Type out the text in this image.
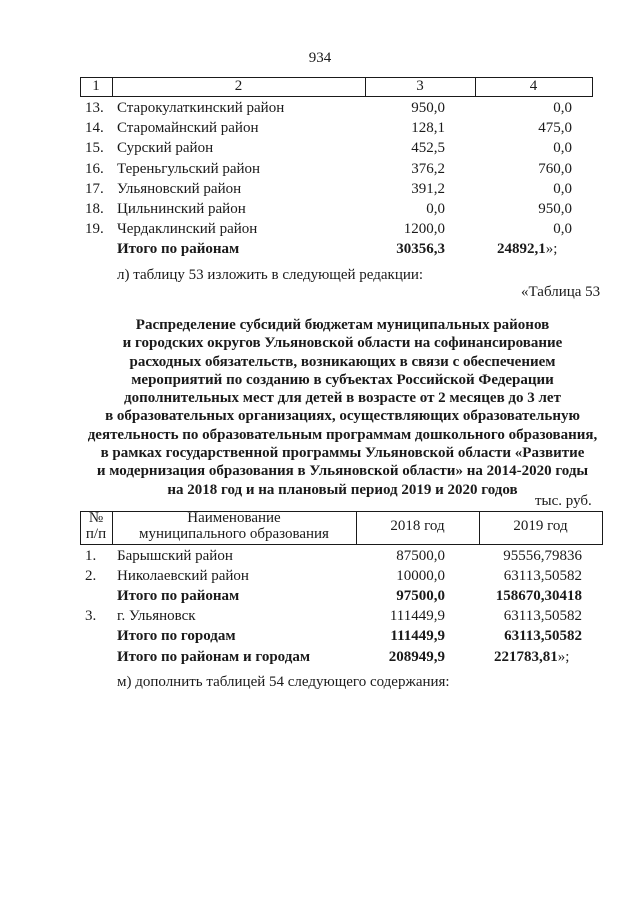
934
1	2	3	4
13. Старокулаткинский район	950,0	0,0
14. Старомайнский район	128,1	475,0
15. Сурский район	452,5	0,0
16. Тереньгульский район	376,2	760,0
17. Ульяновский район	391,2	0,0
18. Цильнинский район	0,0	950,0
19. Чердаклинский район	1200,0	0,0
Итого по районам	30356,3	24892,1»;
л) таблицу 53 изложить в следующей редакции:
«Таблица 53
Распределение субсидий бюджетам муниципальных районов
и городских округов Ульяновской области на софинансирование
расходных обязательств, возникающих в связи с обеспечением
мероприятий по созданию в субъектах Российской Федерации
дополнительных мест для детей в возрасте от 2 месяцев до 3 лет
в образовательных организациях, осуществляющих образовательную
деятельность по образовательным программам дошкольного образования,
в рамках государственной программы Ульяновской области «Развитие
и модернизация образования в Ульяновской области» на 2014-2020 годы
на 2018 год и на плановый период 2019 и 2020 годов
тыс. руб.
№
п/п
Наименование
муниципального образования	2018 год	2019 год
1.	Барышский район	87500,0	95556,79836
2.	Николаевский район	10000,0	63113,50582
Итого по районам	97500,0	158670,30418
3.	г. Ульяновск	111449,9	63113,50582
Итого по городам	111449,9	63113,50582
Итого по районам и городам	208949,9	221783,81»;
м) дополнить таблицей 54 следующего содержания:
